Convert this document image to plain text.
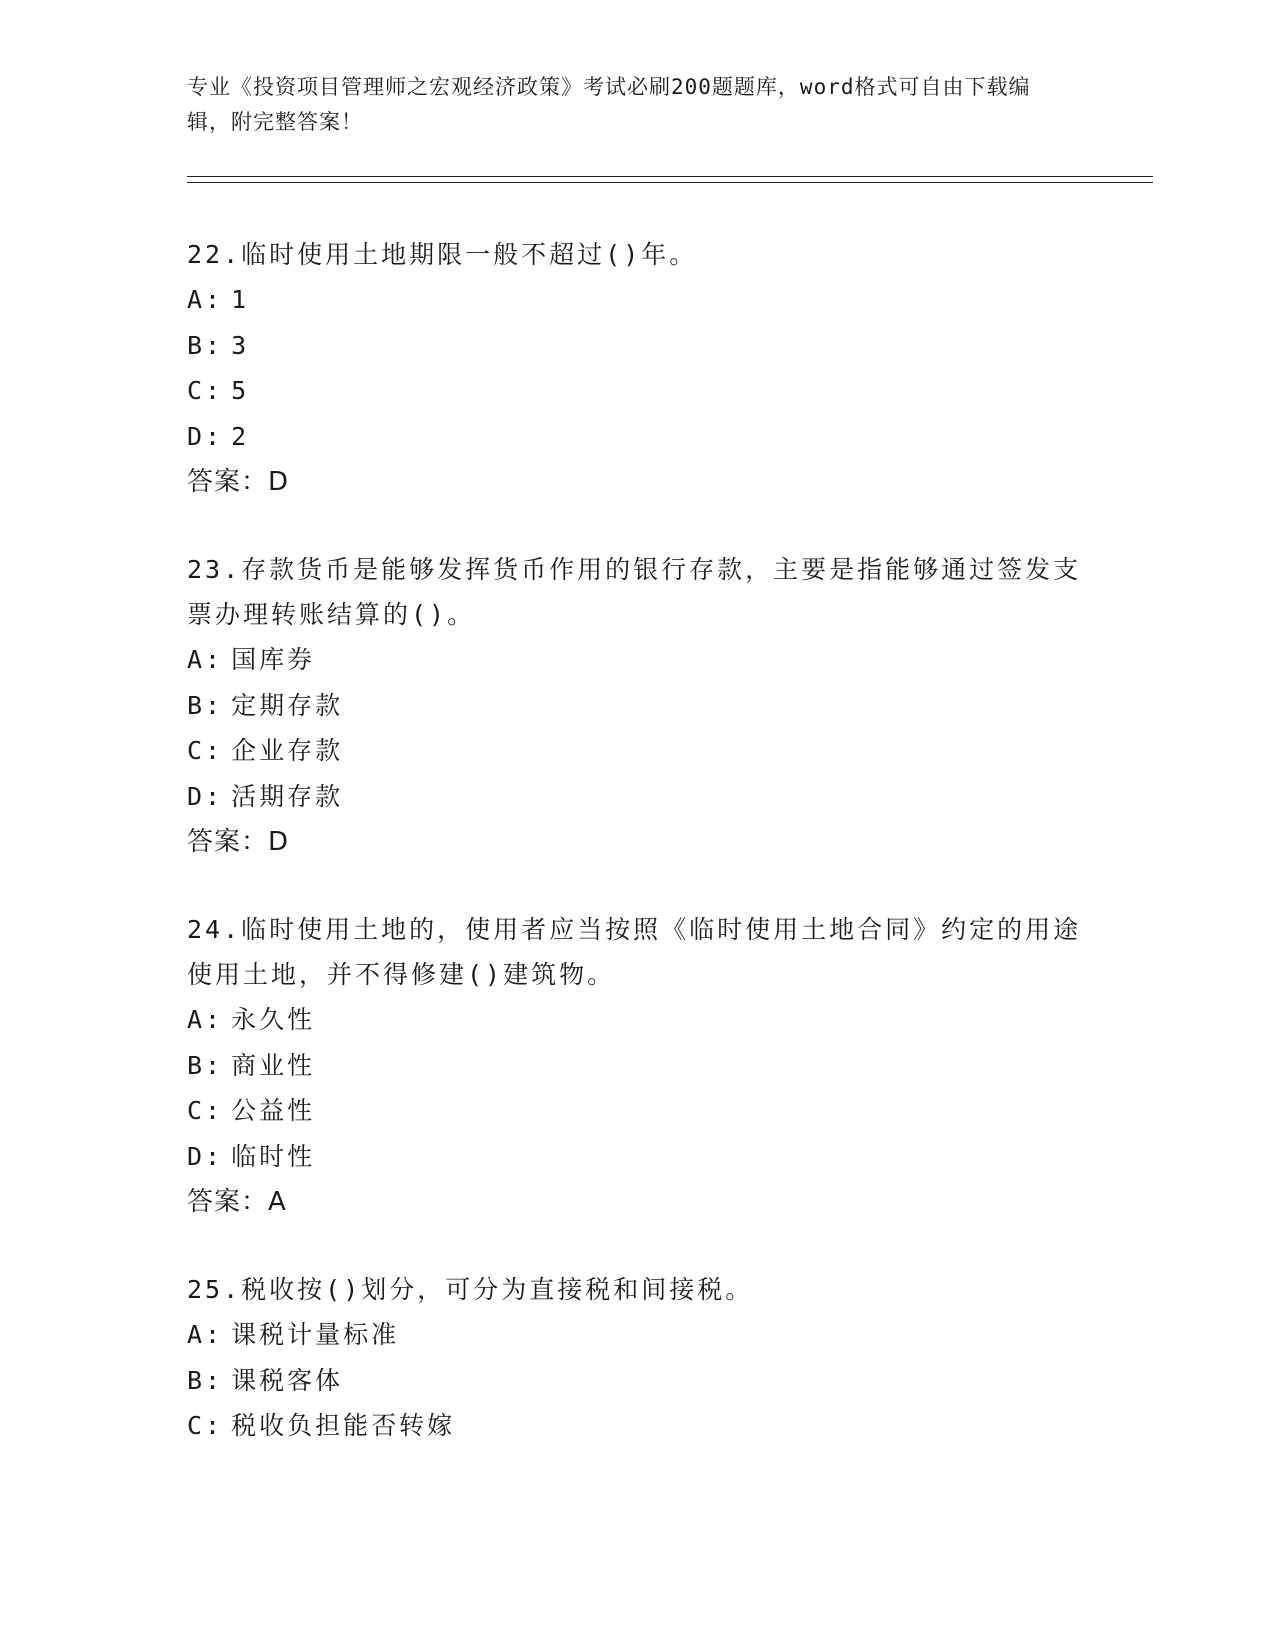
专业《投资项目管理师之宏观经济政策》考试必刷200题题库，word格式可自由下载编辑，附完整答案！
22.临时使用土地期限一般不超过()年。
A: 1
B: 3
C: 5
D: 2
答案：D
23.存款货币是能够发挥货币作用的银行存款，主要是指能够通过签发支票办理转账结算的()。
A: 国库券
B: 定期存款
C: 企业存款
D: 活期存款
答案：D
24.临时使用土地的，使用者应当按照《临时使用土地合同》约定的用途使用土地，并不得修建()建筑物。
A: 永久性
B: 商业性
C: 公益性
D: 临时性
答案：A
25.税收按()划分，可分为直接税和间接税。
A: 课税计量标准
B: 课税客体
C: 税收负担能否转嫁
